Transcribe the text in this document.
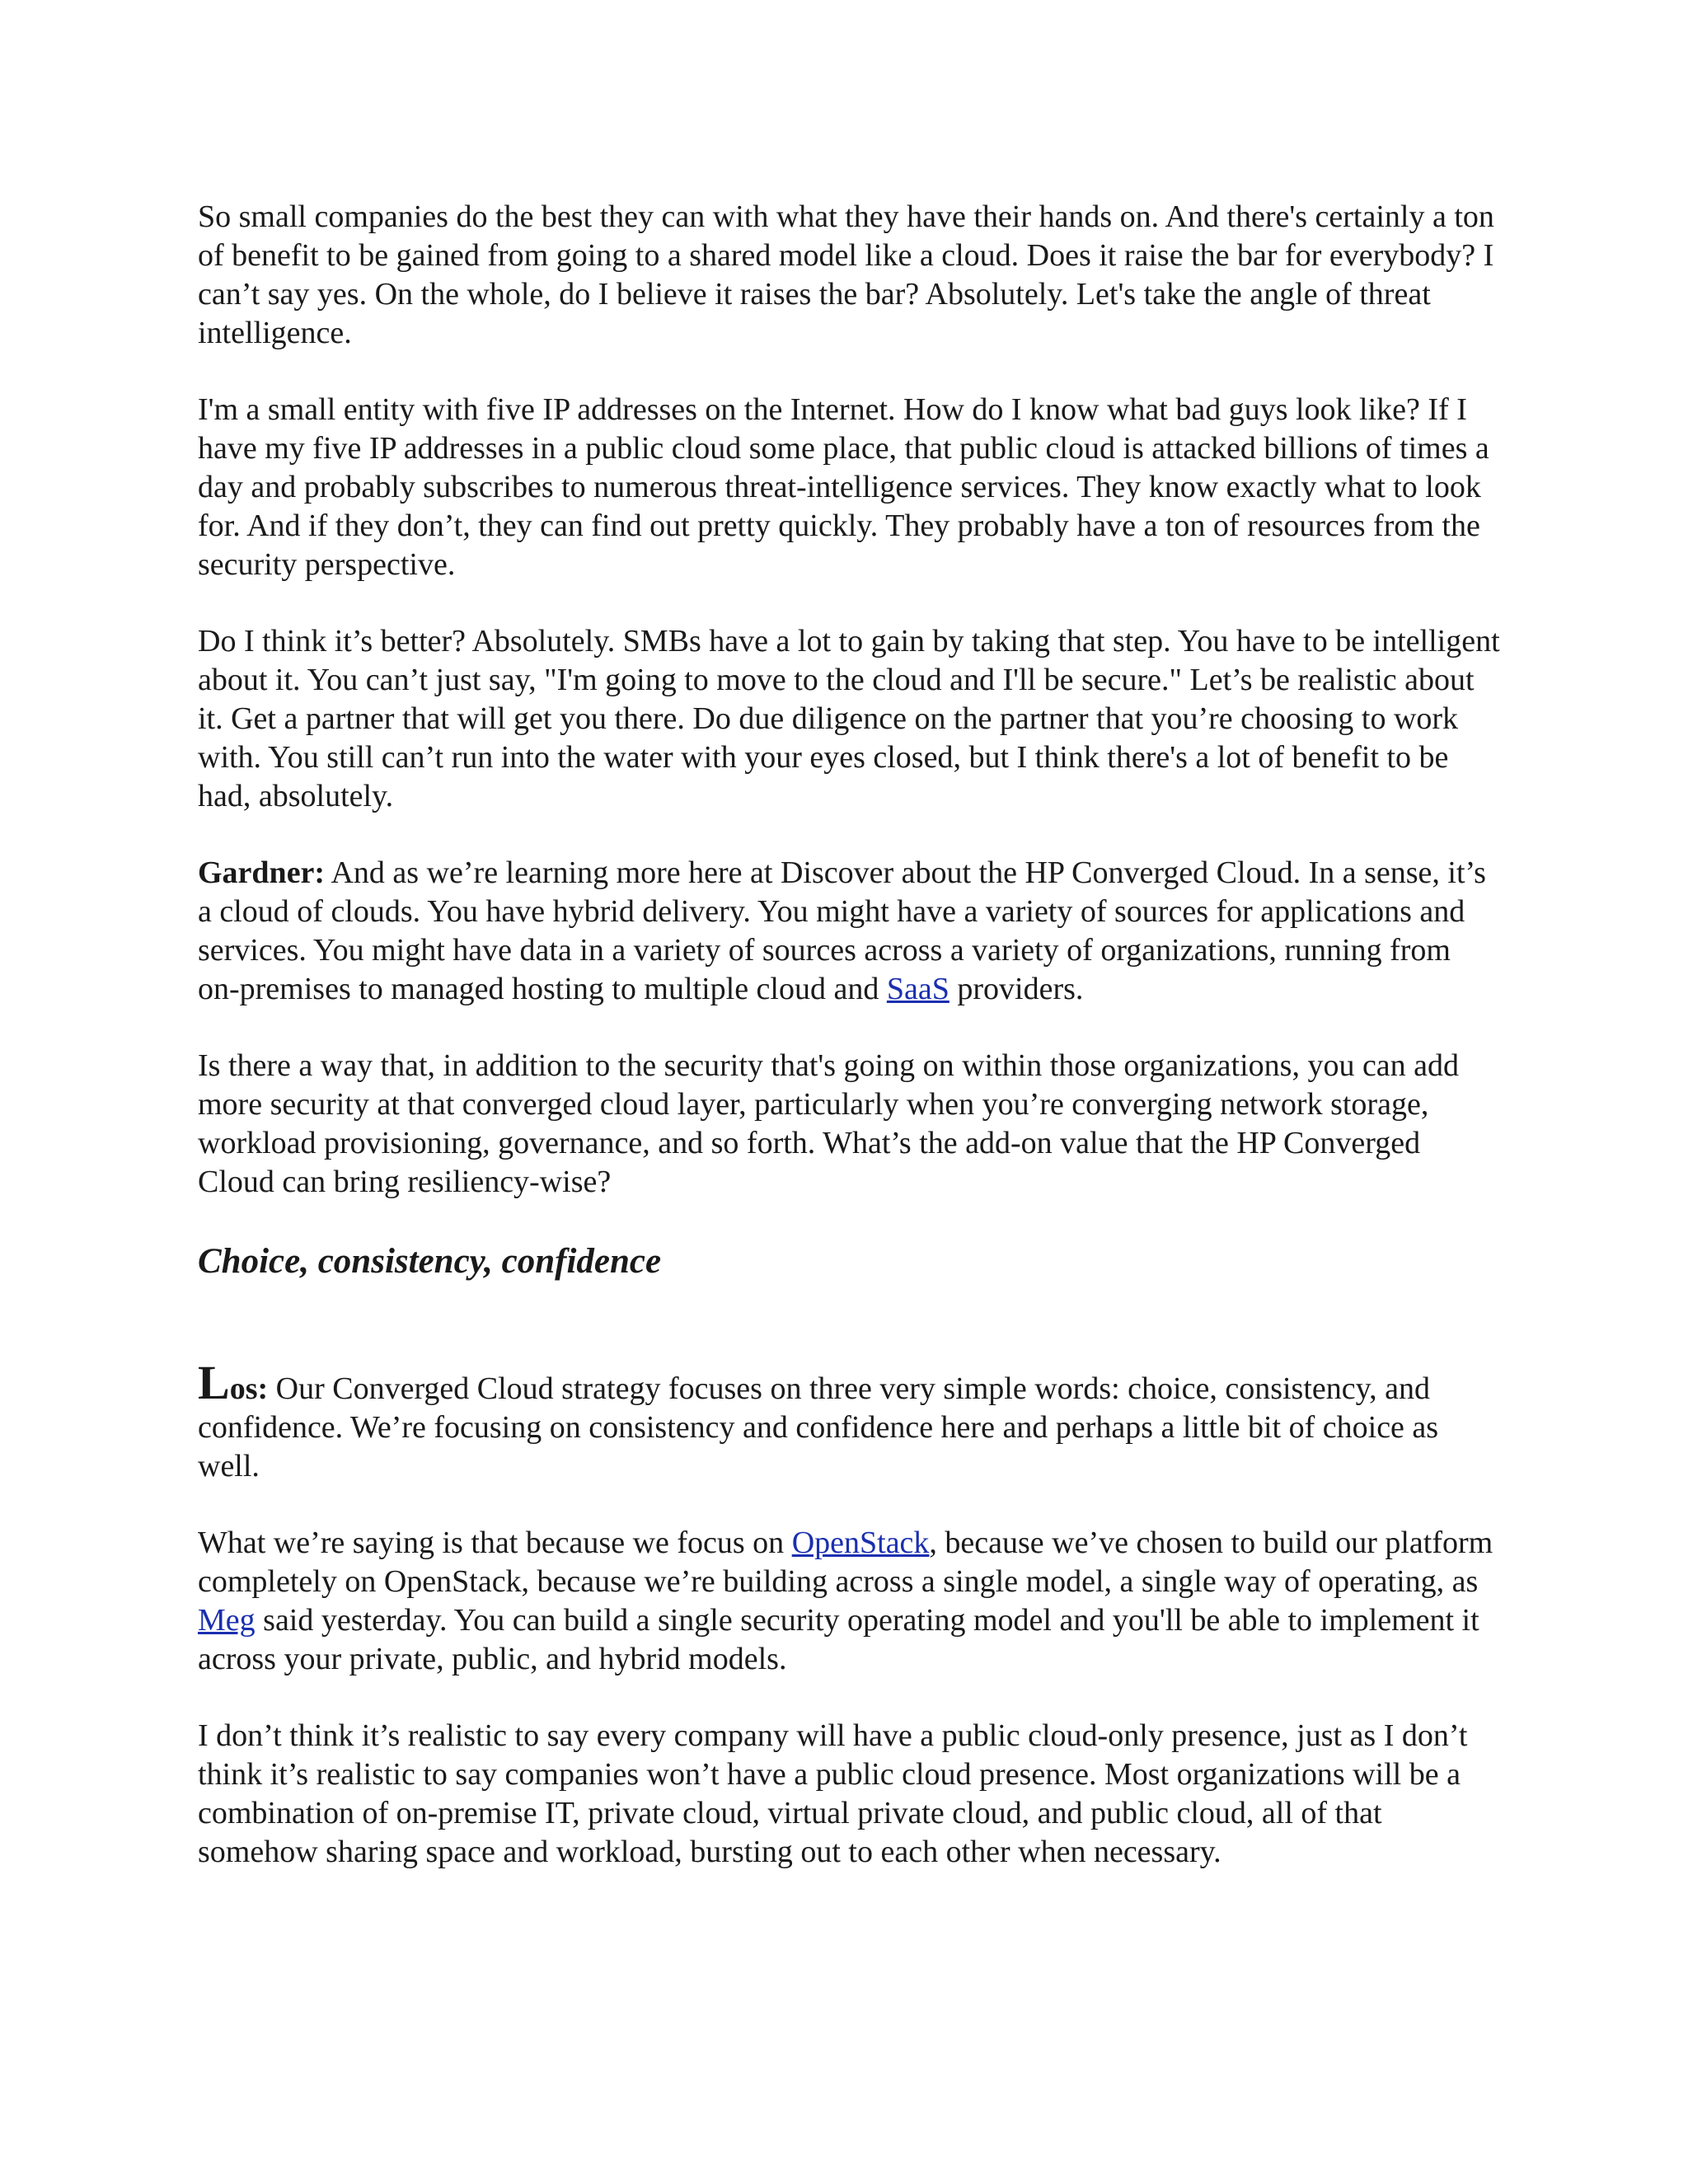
So small companies do the best they can with what they have their hands on. And there's certainly a ton of benefit to be gained from going to a shared model like a cloud. Does it raise the bar for everybody? I can’t say yes. On the whole, do I believe it raises the bar? Absolutely. Let's take the angle of threat intelligence.

I'm a small entity with five IP addresses on the Internet. How do I know what bad guys look like? If I have my five IP addresses in a public cloud some place, that public cloud is attacked billions of times a day and probably subscribes to numerous threat-intelligence services. They know exactly what to look for. And if they don’t, they can find out pretty quickly. They probably have a ton of resources from the security perspective.

Do I think it’s better? Absolutely. SMBs have a lot to gain by taking that step. You have to be intelligent about it. You can’t just say, "I'm going to move to the cloud and I'll be secure." Let’s be realistic about it. Get a partner that will get you there. Do due diligence on the partner that you’re choosing to work with. You still can’t run into the water with your eyes closed, but I think there's a lot of benefit to be had, absolutely.

Gardner: And as we’re learning more here at Discover about the HP Converged Cloud. In a sense, it’s a cloud of clouds. You have hybrid delivery. You might have a variety of sources for applications and services. You might have data in a variety of sources across a variety of organizations, running from on-premises to managed hosting to multiple cloud and SaaS providers.

Is there a way that, in addition to the security that's going on within those organizations, you can add more security at that converged cloud layer, particularly when you’re converging network storage, workload provisioning, governance, and so forth. What’s the add-on value that the HP Converged Cloud can bring resiliency-wise?

Choice, consistency, confidence

Los: Our Converged Cloud strategy focuses on three very simple words: choice, consistency, and confidence. We’re focusing on consistency and confidence here and perhaps a little bit of choice as well.

What we’re saying is that because we focus on OpenStack, because we’ve chosen to build our platform completely on OpenStack, because we’re building across a single model, a single way of operating, as Meg said yesterday. You can build a single security operating model and you'll be able to implement it across your private, public, and hybrid models.

I don’t think it’s realistic to say every company will have a public cloud-only presence, just as I don’t think it’s realistic to say companies won’t have a public cloud presence. Most organizations will be a combination of on-premise IT, private cloud, virtual private cloud, and public cloud, all of that somehow sharing space and workload, bursting out to each other when necessary.
